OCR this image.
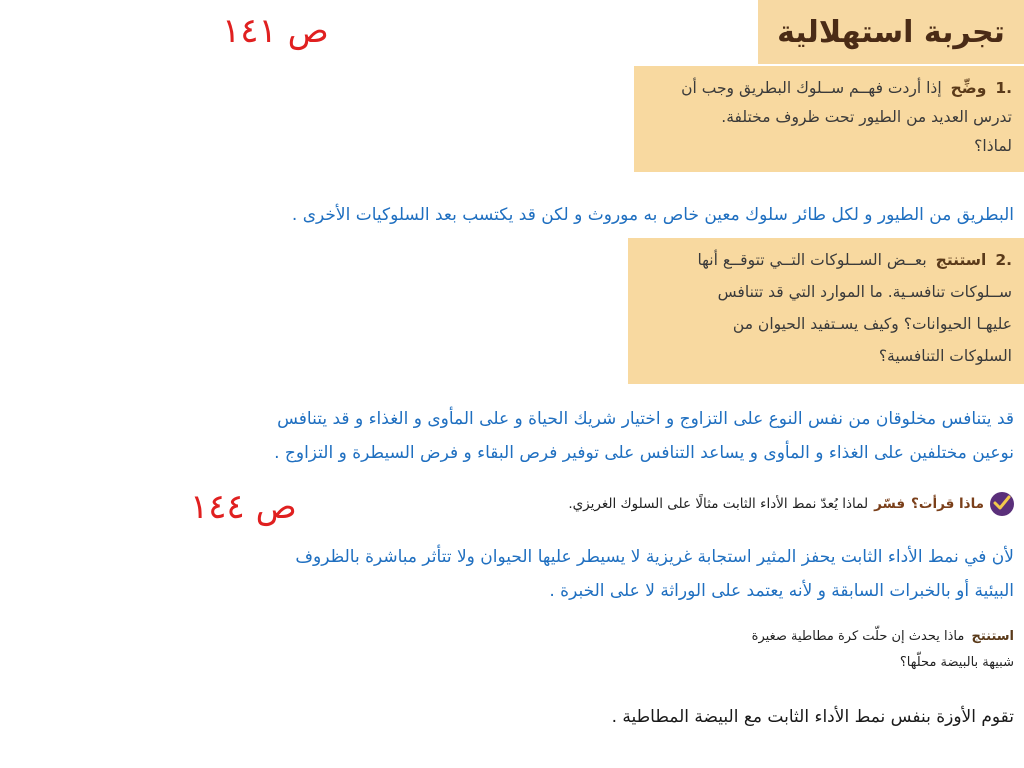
ص ١٤١
ص ١٤٤
تجربة استهلالية
.1 وضِّح إذا أردت فهــم ســلوك البطريق وجب أن
تدرس العديد من الطيور تحت ظروف مختلفة.
لماذا؟
البطريق من الطيور و لكل طائر سلوك معين خاص به موروث و لكن قد يكتسب بعد السلوكيات الأخرى .
.2 استنتج بعــض الســلوكات التــي تتوقــع أنها
ســلوكات تنافسـية. ما الموارد التي قد تتنافس
عليهـا الحيوانات؟ وكيف يسـتفيد الحيوان من
السلوكات التنافسية؟
قد يتنافس مخلوقان من نفس النوع على التزاوج و اختيار شريك الحياة و على المأوى و الغذاء و قد يتنافس
نوعين مختلفين على الغذاء و المأوى و يساعد التنافس على توفير فرص البقاء و فرض السيطرة و التزاوج .
ماذا قرأت؟
فسّر
لماذا يُعدّ نمط الأداء الثابت مثالًا على السلوك الغريزي.
لأن في نمط الأداء الثابت يحفز المثير استجابة غريزية لا يسيطر عليها الحيوان ولا تتأثر مباشرة بالظروف
البيئية أو بالخبرات السابقة و لأنه يعتمد على الوراثة لا على الخبرة .
استنتج ماذا يحدث إن حلّت كرة مطاطية صغيرة
شبيهة بالبيضة محلّها؟
تقوم الأوزة بنفس نمط الأداء الثابت مع البيضة المطاطية .
